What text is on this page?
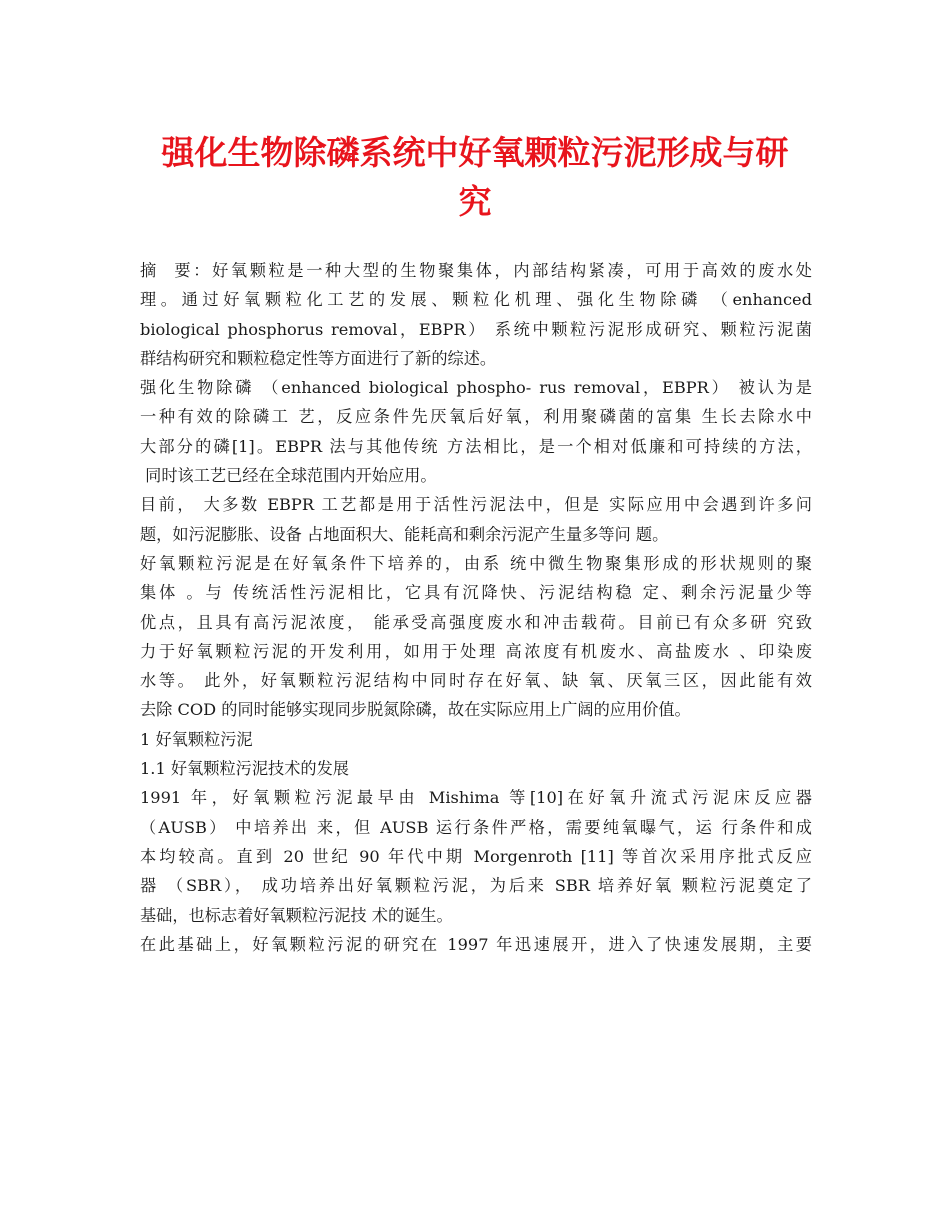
强化生物除磷系统中好氧颗粒污泥形成与研
究
摘  要：好氧颗粒是一种大型的生物聚集体，内部结构紧凑，可用于高效的废水处
理。通过好氧颗粒化工艺的发展、颗粒化机理、强化生物除磷 （enhanced
biological phosphorus removal，EBPR） 系统中颗粒污泥形成研究、颗粒污泥菌
群结构研究和颗粒稳定性等方面进行了新的综述。
强化生物除磷 （enhanced biological phospho- rus removal，EBPR） 被认为是
一种有效的除磷工 艺，反应条件先厌氧后好氧，利用聚磷菌的富集 生长去除水中
大部分的磷[1]。EBPR 法与其他传统 方法相比，是一个相对低廉和可持续的方法，
同时该工艺已经在全球范围内开始应用。
目前， 大多数 EBPR 工艺都是用于活性污泥法中，但是 实际应用中会遇到许多问
题，如污泥膨胀、设备 占地面积大、能耗高和剩余污泥产生量多等问 题。
好氧颗粒污泥是在好氧条件下培养的，由系 统中微生物聚集形成的形状规则的聚
集体 。与 传统活性污泥相比，它具有沉降快、污泥结构稳 定、剩余污泥量少等
优点，且具有高污泥浓度， 能承受高强度废水和冲击载荷。目前已有众多研 究致
力于好氧颗粒污泥的开发利用，如用于处理 高浓度有机废水、高盐废水 、印染废
水等。 此外，好氧颗粒污泥结构中同时存在好氧、缺 氧、厌氧三区，因此能有效
去除 COD 的同时能够实现同步脱氮除磷，故在实际应用上广阔的应用价值。
1 好氧颗粒污泥
1.1 好氧颗粒污泥技术的发展
1991 年，好氧颗粒污泥最早由 Mishima 等[10]在好氧升流式污泥床反应器
（AUSB） 中培养出 来，但 AUSB 运行条件严格，需要纯氧曝气，运 行条件和成
本均较高。直到 20 世纪 90 年代中期 Morgenroth [11] 等首次采用序批式反应
器 （SBR）， 成功培养出好氧颗粒污泥，为后来 SBR 培养好氧 颗粒污泥奠定了
基础，也标志着好氧颗粒污泥技 术的诞生。
在此基础上，好氧颗粒污泥的研究在 1997 年迅速展开，进入了快速发展期，主要
